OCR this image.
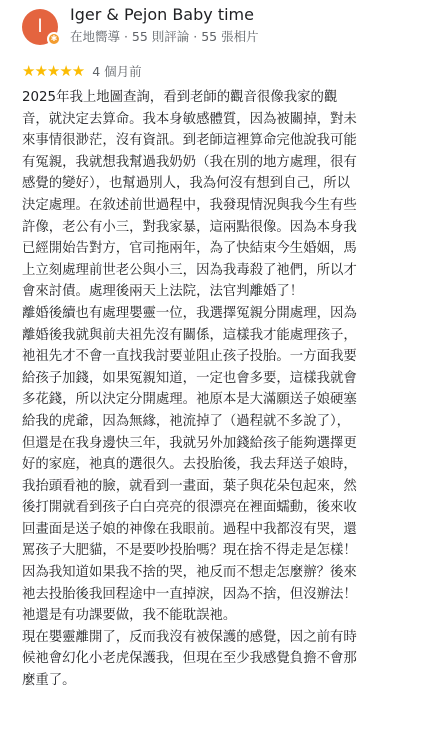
I
✱
Iger & Pejon Baby time
在地嚮導 · 55 則評論 · 55 張相片
★★★★★ 4 個月前

2025年我上地圖查詢，看到老師的觀音很像我家的觀
音，就決定去算命。我本身敏感體質，因為被關掉，對未
來事情很渺茫，沒有資訊。到老師這裡算命完他說我可能
有冤親，我就想我幫過我奶奶（我在別的地方處理，很有
感覺的變好），也幫過別人，我為何沒有想到自己，所以
決定處理。在敘述前世過程中，我發現情況與我今生有些
許像，老公有小三，對我家暴，這兩點很像。因為本身我
已經開始告對方，官司拖兩年，為了快結束今生婚姻，馬
上立刻處理前世老公與小三，因為我毒殺了祂們，所以才
會來討債。處理後兩天上法院，法官判離婚了！

離婚後續也有處理嬰靈一位，我選擇冤親分開處理，因為
離婚後我就與前夫祖先沒有關係，這樣我才能處理孩子，
祂祖先才不會一直找我討要並阻止孩子投胎。一方面我要
給孩子加錢，如果冤親知道，一定也會多要，這樣我就會
多花錢，所以決定分開處理。祂原本是大滿願送子娘硬塞
給我的虎爺，因為無緣，祂流掉了（過程就不多說了），
但還是在我身邊快三年，我就另外加錢給孩子能夠選擇更
好的家庭，祂真的選很久。去投胎後，我去拜送子娘時，
我抬頭看祂的臉，就看到一畫面，葉子與花朵包起來，然
後打開就看到孩子白白亮亮的很漂亮在裡面蠕動，後來收
回畫面是送子娘的神像在我眼前。過程中我都沒有哭，還
罵孩子大肥貓，不是要吵投胎嗎？現在捨不得走是怎樣！
因為我知道如果我不捨的哭，祂反而不想走怎麼辦？後來
祂去投胎後我回程途中一直掉淚，因為不捨，但沒辦法！
祂還是有功課要做，我不能耽誤祂。

現在嬰靈離開了，反而我沒有被保護的感覺，因之前有時
候祂會幻化小老虎保護我，但現在至少我感覺負擔不會那
麼重了。
